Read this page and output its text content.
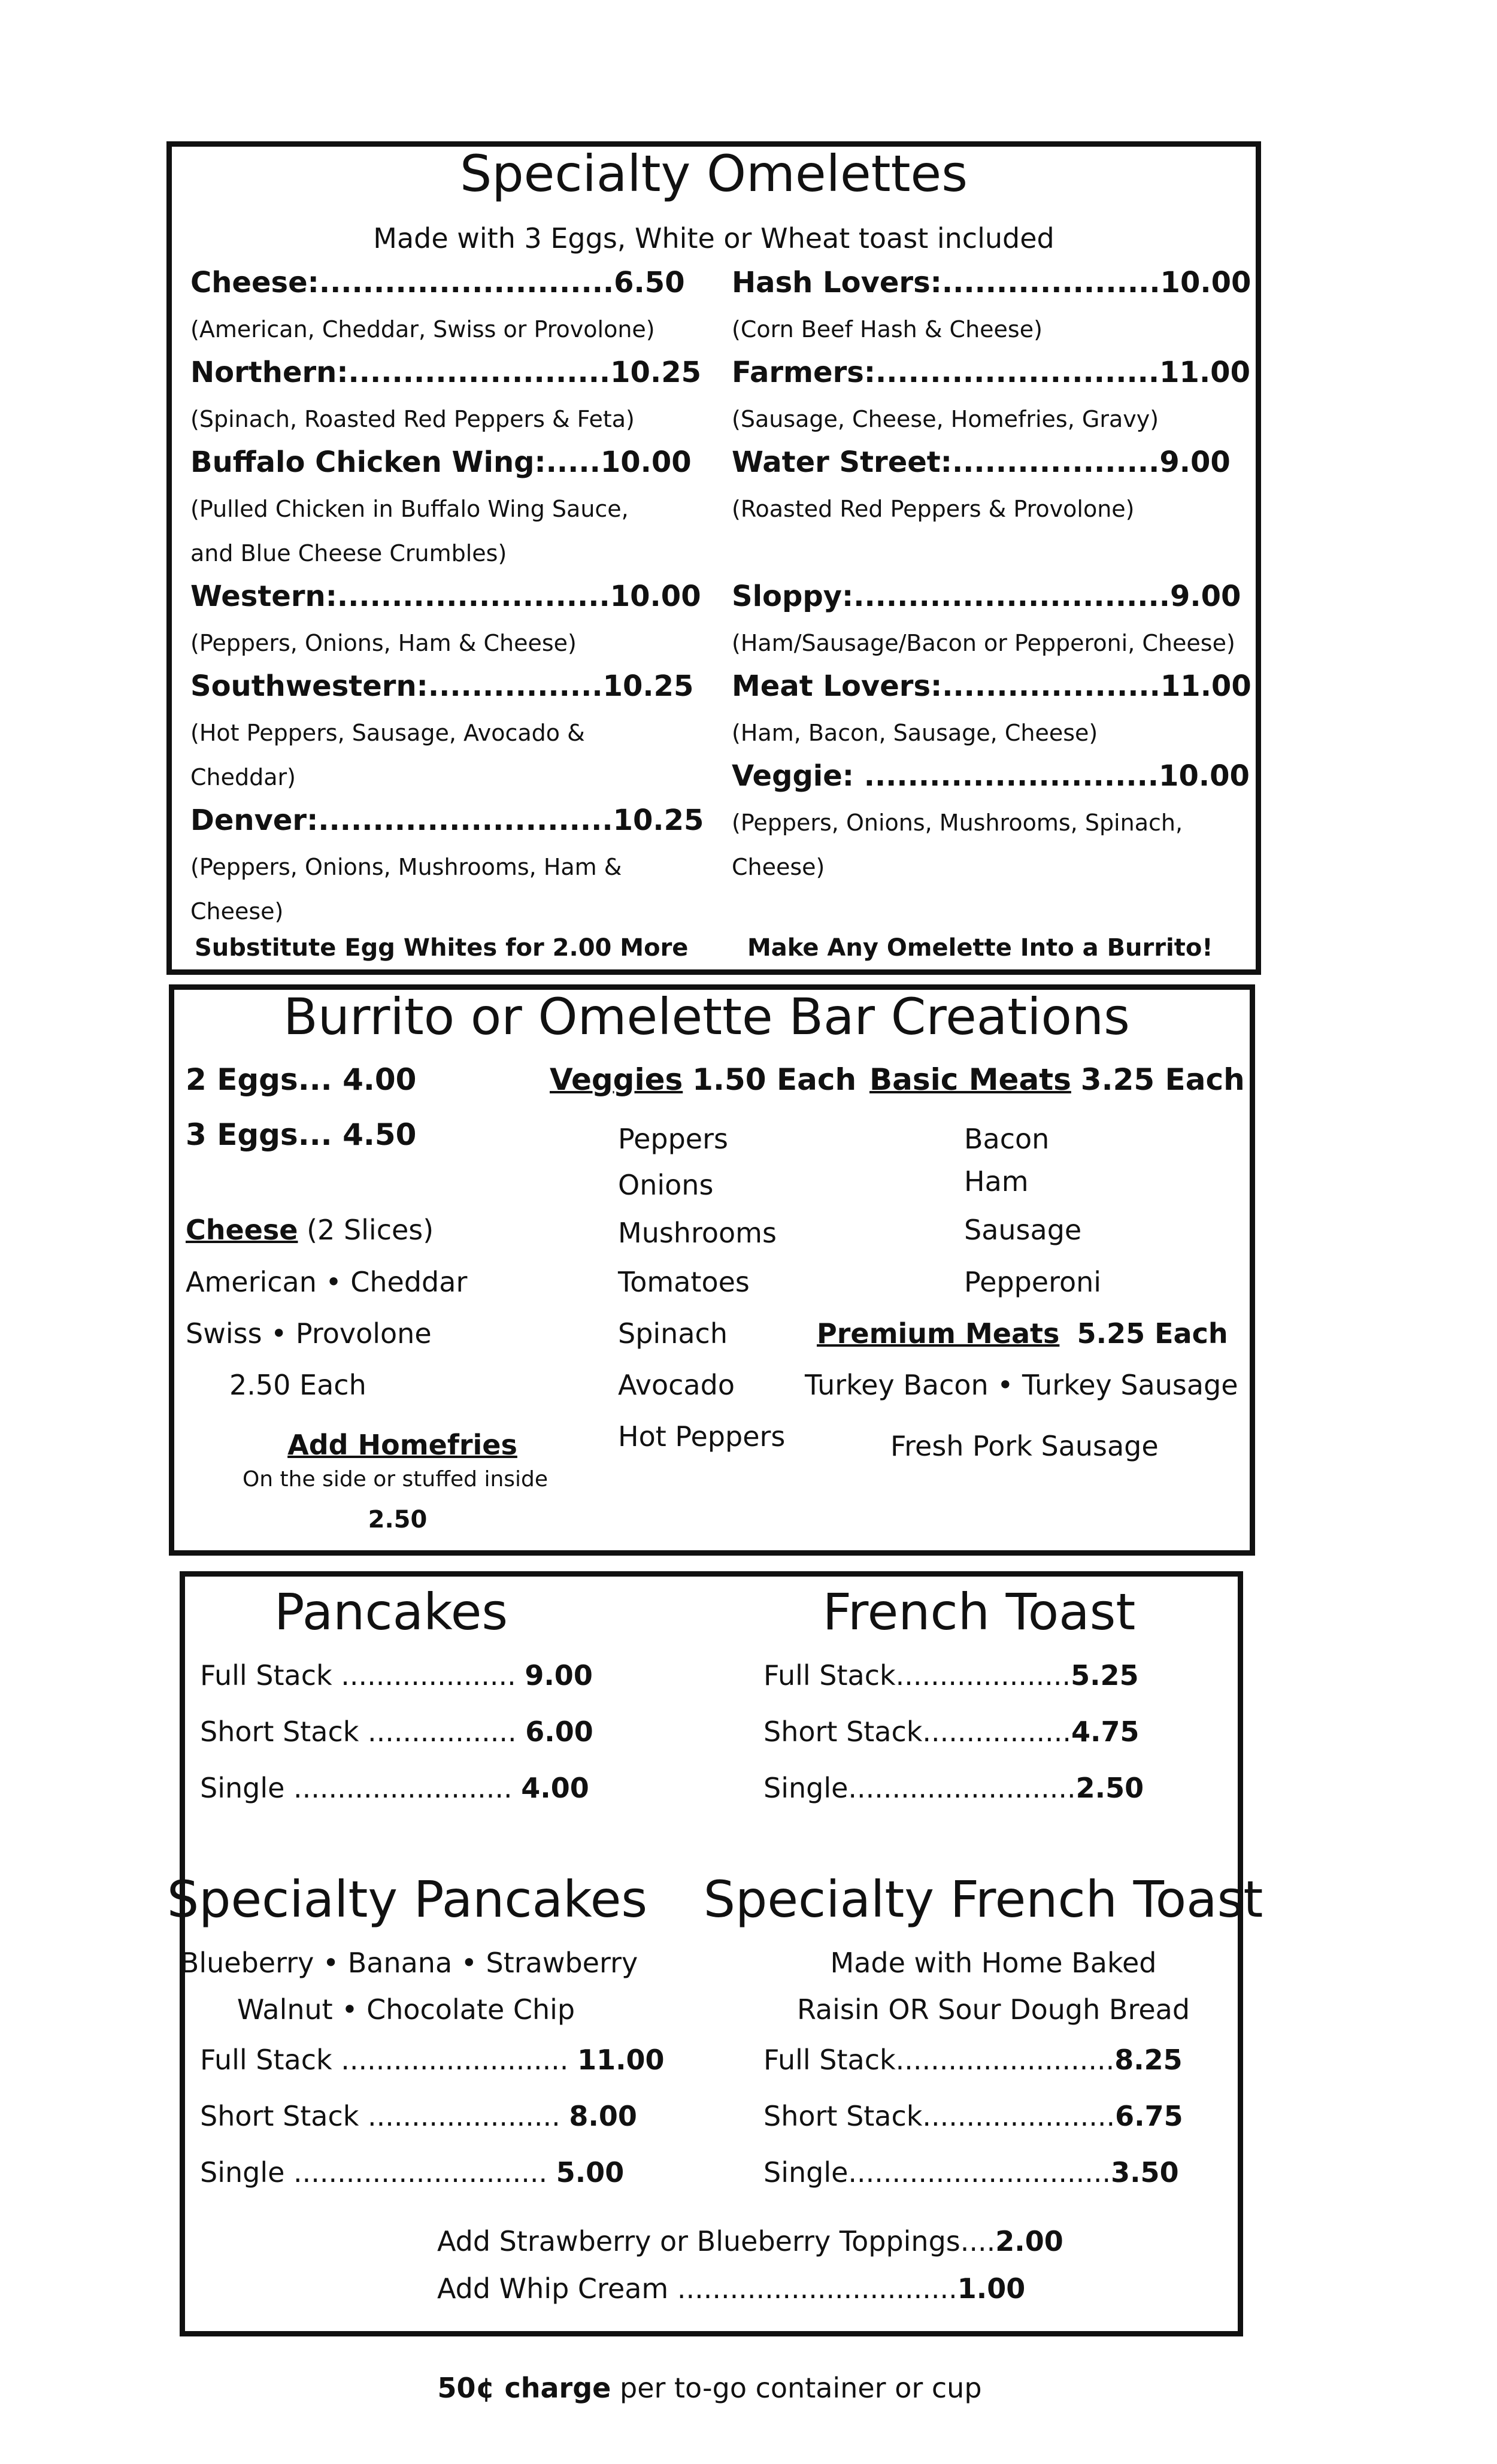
Specialty Omelettes
Made with 3 Eggs, White or Wheat toast included
Cheese:...........................6.50
(American, Cheddar, Swiss or Provolone)
Northern:........................10.25
(Spinach, Roasted Red Peppers & Feta)
Buffalo Chicken Wing:.....10.00
(Pulled Chicken in Buffalo Wing Sauce,
and Blue Cheese Crumbles)
Western:.........................10.00
(Peppers, Onions, Ham & Cheese)
Southwestern:................10.25
(Hot Peppers, Sausage, Avocado &
Cheddar)
Denver:...........................10.25
(Peppers, Onions, Mushrooms, Ham &
Cheese)
Hash Lovers:....................10.00
(Corn Beef Hash & Cheese)
Farmers:..........................11.00
(Sausage, Cheese, Homefries, Gravy)
Water Street:...................9.00
(Roasted Red Peppers & Provolone)
Sloppy:.............................9.00
(Ham/Sausage/Bacon or Pepperoni, Cheese)
Meat Lovers:....................11.00
(Ham, Bacon, Sausage, Cheese)
Veggie: ...........................10.00
(Peppers, Onions, Mushrooms, Spinach,
Cheese)
Substitute Egg Whites for 2.00 More Make Any Omelette Into a Burrito!
Burrito or Omelette Bar Creations
2 Eggs... 4.00
3 Eggs... 4.50
Cheese (2 Slices)
American • Cheddar
Swiss • Provolone
2.50 Each
Add Homefries
On the side or stuffed inside
2.50
Veggies 1.50 Each
Peppers
Onions
Mushrooms
Tomatoes
Spinach
Avocado
Hot Peppers
Basic Meats 3.25 Each
Bacon
Ham
Sausage
Pepperoni
Premium Meats 5.25 Each
Turkey Bacon • Turkey Sausage
Fresh Pork Sausage
Pancakes	French Toast
Full Stack .................... 9.00
Short Stack ................. 6.00
Single ......................... 4.00
Full Stack....................5.25
Short Stack.................4.75
Single..........................2.50
Specialty Pancakes Specialty French Toast
Blueberry • Banana • Strawberry
Walnut • Chocolate Chip
Made with Home Baked
Raisin OR Sour Dough Bread
Full Stack .......................... 11.00
Short Stack ...................... 8.00
Single ............................. 5.00
Full Stack.........................8.25
Short Stack......................6.75
Single..............................3.50
Add Strawberry or Blueberry Toppings....2.00
Add Whip Cream ................................1.00
50¢ charge per to-go container or cup
